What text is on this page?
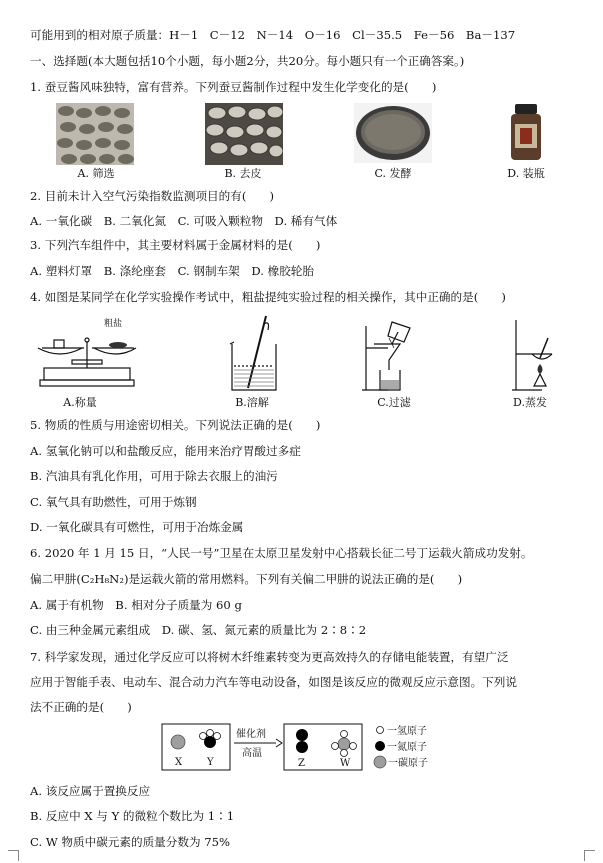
可能用到的相对原子质量：H－1　C－12　N－14　O－16　Cl－35.5　Fe－56　Ba－137
一、选择题(本大题包括10个小题，每小题2分，共20分。每小题只有一个正确答案。)
1. 蚕豆酱风味独特，富有营养。下列蚕豆酱制作过程中发生化学变化的是(　　)
A. 筛选	B. 去皮	C. 发酵	D. 装瓶
2. 目前未计入空气污染指数监测项目的有(　　)
A. 一氧化碳　B. 二氧化氮　C. 可吸入颗粒物　D. 稀有气体
3. 下列汽车组件中，其主要材料属于金属材料的是(　　)
A. 塑料灯罩　B. 涤纶座套　C. 钢制车架　D. 橡胶轮胎
4. 如图是某同学在化学实验操作考试中，粗盐提纯实验过程的相关操作，其中正确的是(　　)
粗盐
A.称量	B.溶解	C.过滤	D.蒸发
5. 物质的性质与用途密切相关。下列说法正确的是(　　)
A. 氢氧化钠可以和盐酸反应，能用来治疗胃酸过多症
B. 汽油具有乳化作用，可用于除去衣服上的油污
C. 氧气具有助燃性，可用于炼钢
D. 一氧化碳具有可燃性，可用于冶炼金属
6. 2020 年 1 月 15 日，“人民一号”卫星在太原卫星发射中心搭载长征二号丁运载火箭成功发射。
偏二甲肼(C₂H₈N₂)是运载火箭的常用燃料。下列有关偏二甲肼的说法正确的是(　　)
A. 属于有机物　B. 相对分子质量为 60 g
C. 由三种金属元素组成　D. 碳、氢、氮元素的质量比为 2∶8∶2
7. 科学家发现，通过化学反应可以将树木纤维素转变为更高效持久的存储电能装置，有望广泛
应用于智能手表、电动车、混合动力汽车等电动设备，如图是该反应的微观反应示意图。下列说
法不正确的是(　　)
X Y
催化剂
高温
Z	W
一氢原子
一氮原子
一碳原子
A. 该反应属于置换反应
B. 反应中 X 与 Y 的微粒个数比为 1∶1
C. W 物质中碳元素的质量分数为 75%
